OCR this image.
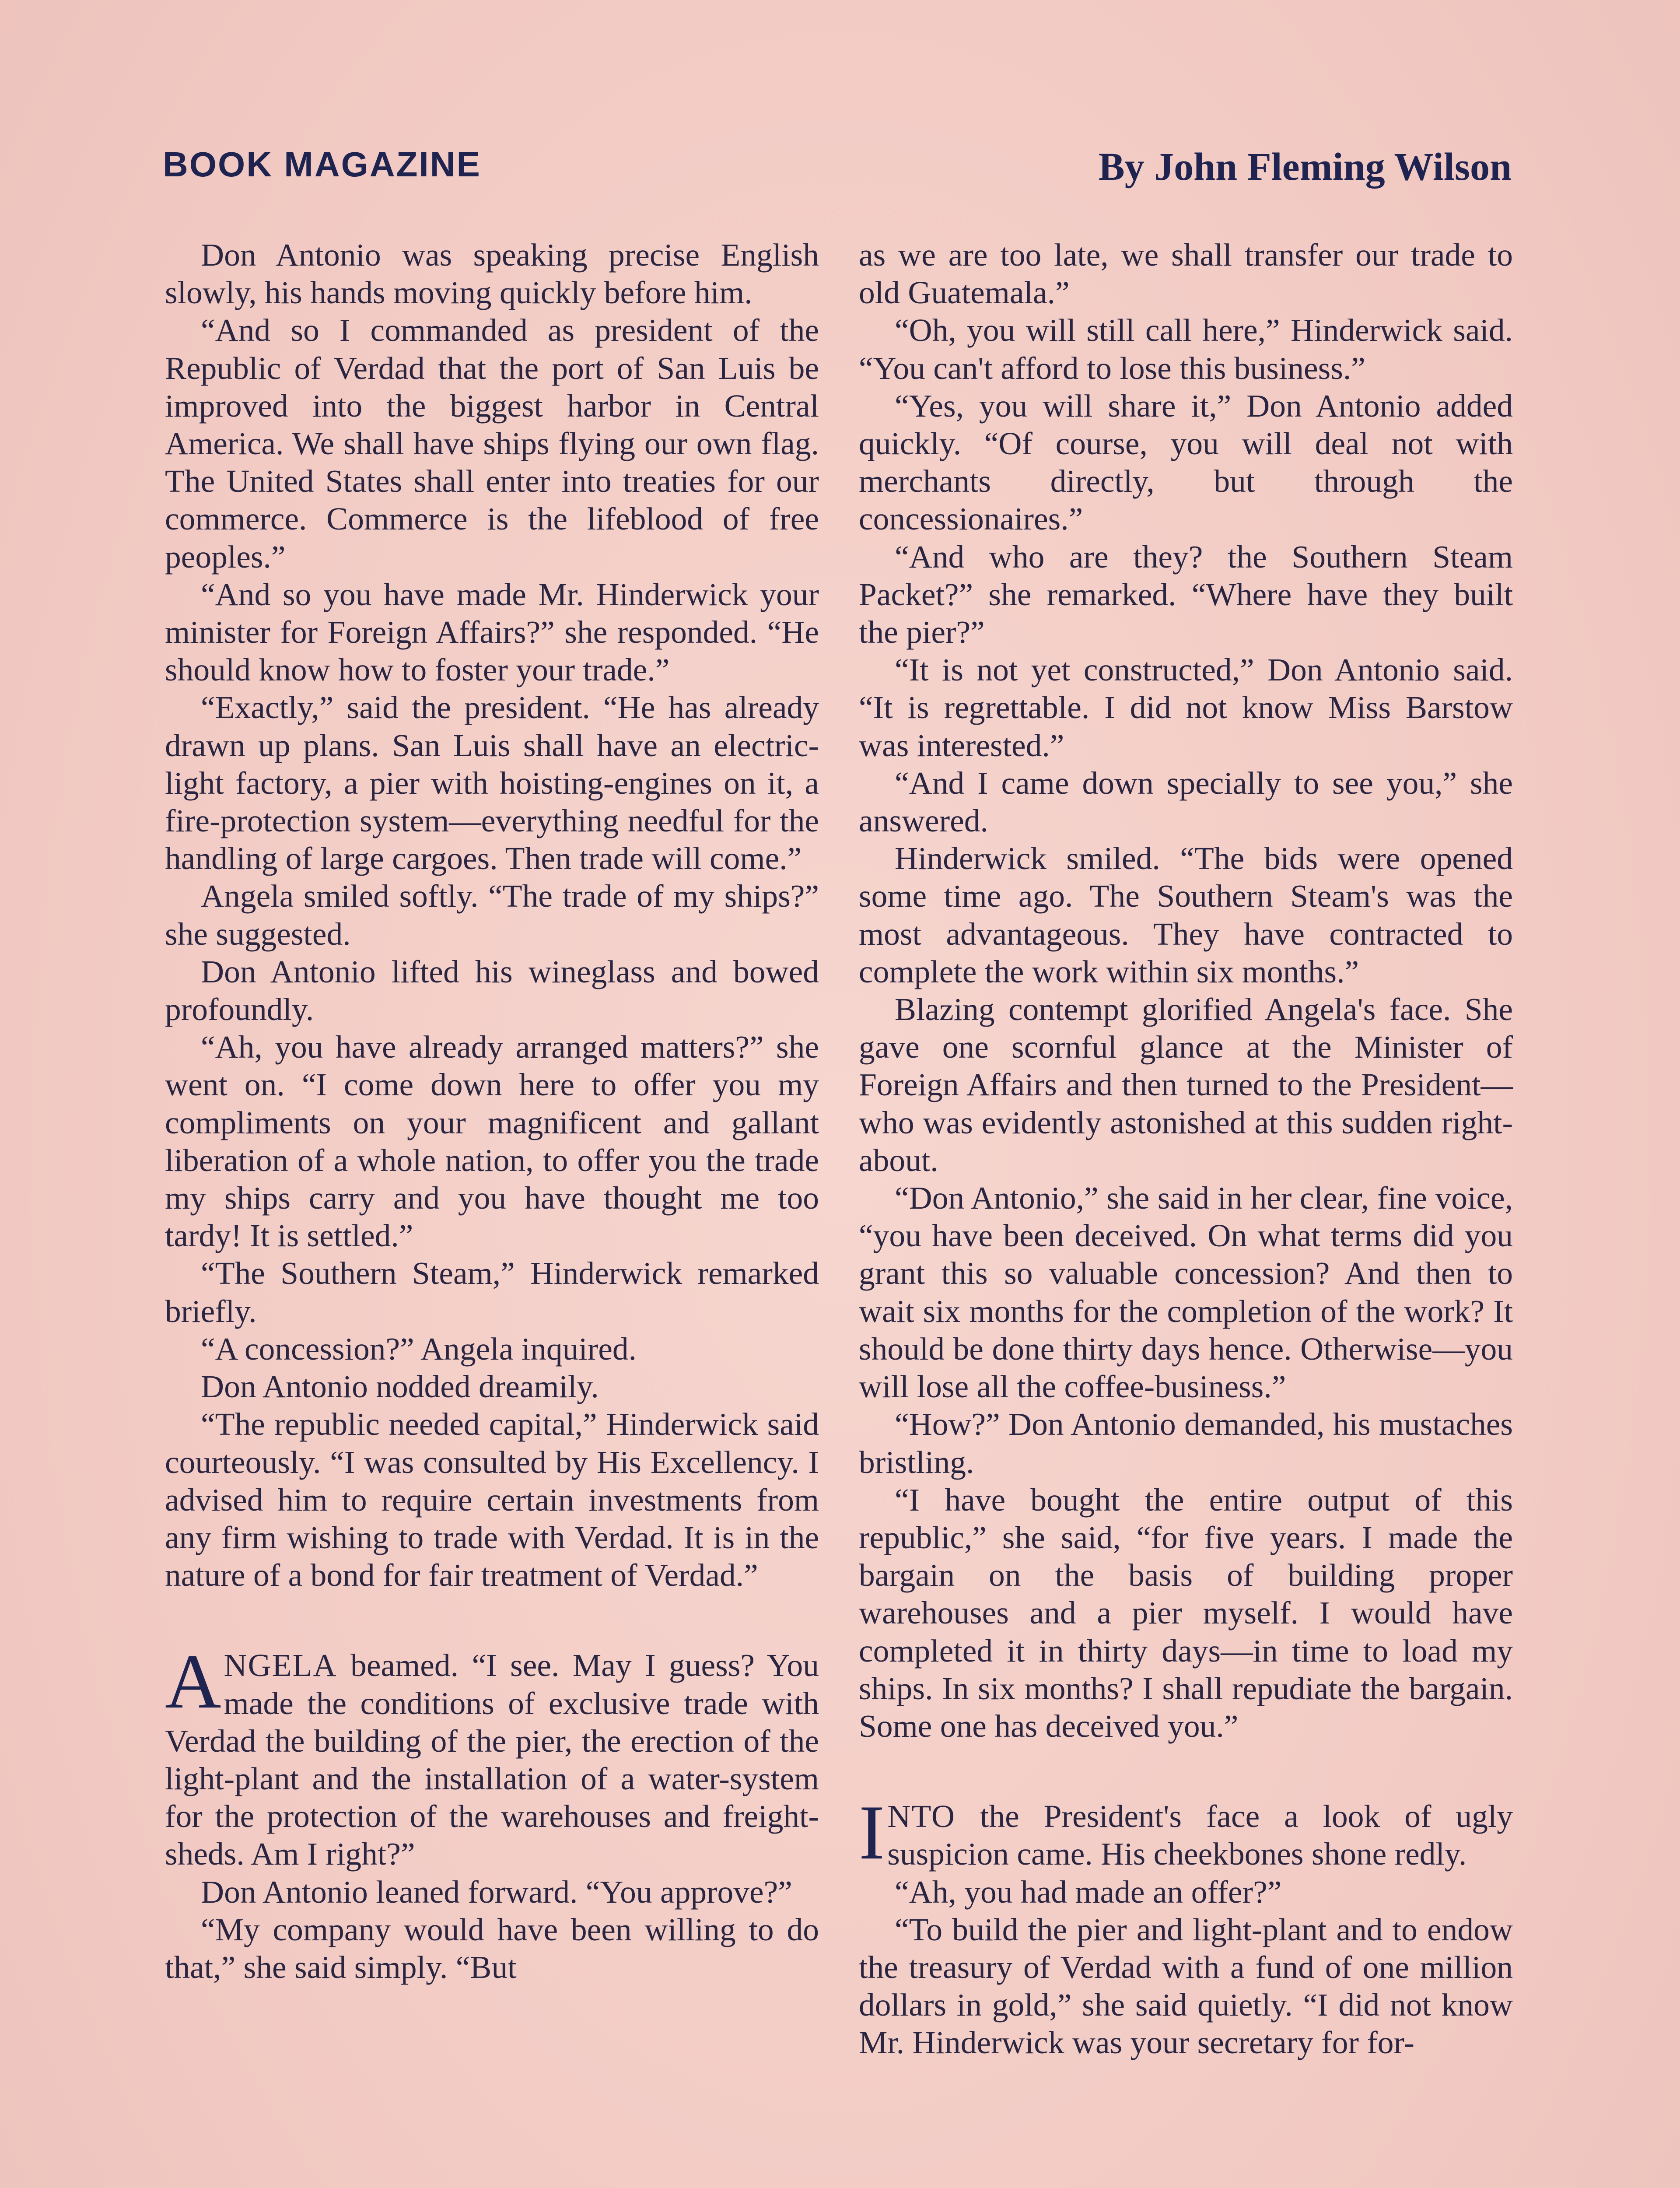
BOOK MAGAZINE	By John Fleming Wilson

Don Antonio was speaking precise English slowly, his hands moving quickly before him.

“And so I commanded as president of the Republic of Verdad that the port of San Luis be improved into the biggest harbor in Central America. We shall have ships flying our own flag. The United States shall enter into treaties for our commerce. Commerce is the lifeblood of free peoples.”

“And so you have made Mr. Hinderwick your minister for Foreign Affairs?” she responded. “He should know how to foster your trade.”

“Exactly,” said the president. “He has already drawn up plans. San Luis shall have an electric-light factory, a pier with hoisting-engines on it, a fire-protection system—everything needful for the handling of large cargoes. Then trade will come.”

Angela smiled softly. “The trade of my ships?” she suggested.

Don Antonio lifted his wineglass and bowed profoundly.

“Ah, you have already arranged matters?” she went on. “I come down here to offer you my compliments on your magnificent and gallant liberation of a whole nation, to offer you the trade my ships carry and you have thought me too tardy! It is settled.”

“The Southern Steam,” Hinderwick remarked briefly.

“A concession?” Angela inquired.

Don Antonio nodded dreamily.

“The republic needed capital,” Hinderwick said courteously. “I was consulted by His Excellency. I advised him to require certain investments from any firm wishing to trade with Verdad. It is in the nature of a bond for fair treatment of Verdad.”

ANGELA beamed. “I see. May I guess? You made the conditions of exclusive trade with Verdad the building of the pier, the erection of the light-plant and the installation of a water-system for the protection of the warehouses and freight-sheds. Am I right?”

Don Antonio leaned forward. “You approve?”

“My company would have been willing to do that,” she said simply. “But

as we are too late, we shall transfer our trade to old Guatemala.”

“Oh, you will still call here,” Hinderwick said. “You can't afford to lose this business.”

“Yes, you will share it,” Don Antonio added quickly. “Of course, you will deal not with merchants directly, but through the concessionaires.”

“And who are they? the Southern Steam Packet?” she remarked. “Where have they built the pier?”

“It is not yet constructed,” Don Antonio said. “It is regrettable. I did not know Miss Barstow was interested.”

“And I came down specially to see you,” she answered.

Hinderwick smiled. “The bids were opened some time ago. The Southern Steam's was the most advantageous. They have contracted to complete the work within six months.”

Blazing contempt glorified Angela's face. She gave one scornful glance at the Minister of Foreign Affairs and then turned to the President—who was evidently astonished at this sudden right-about.

“Don Antonio,” she said in her clear, fine voice, “you have been deceived. On what terms did you grant this so valuable concession? And then to wait six months for the completion of the work? It should be done thirty days hence. Otherwise—you will lose all the coffee-business.”

“How?” Don Antonio demanded, his mustaches bristling.

“I have bought the entire output of this republic,” she said, “for five years. I made the bargain on the basis of building proper warehouses and a pier myself. I would have completed it in thirty days—in time to load my ships. In six months? I shall repudiate the bargain. Some one has deceived you.”

INTO the President's face a look of ugly suspicion came. His cheekbones shone redly.

“Ah, you had made an offer?”

“To build the pier and light-plant and to endow the treasury of Verdad with a fund of one million dollars in gold,” she said quietly. “I did not know Mr. Hinderwick was your secretary for for-
